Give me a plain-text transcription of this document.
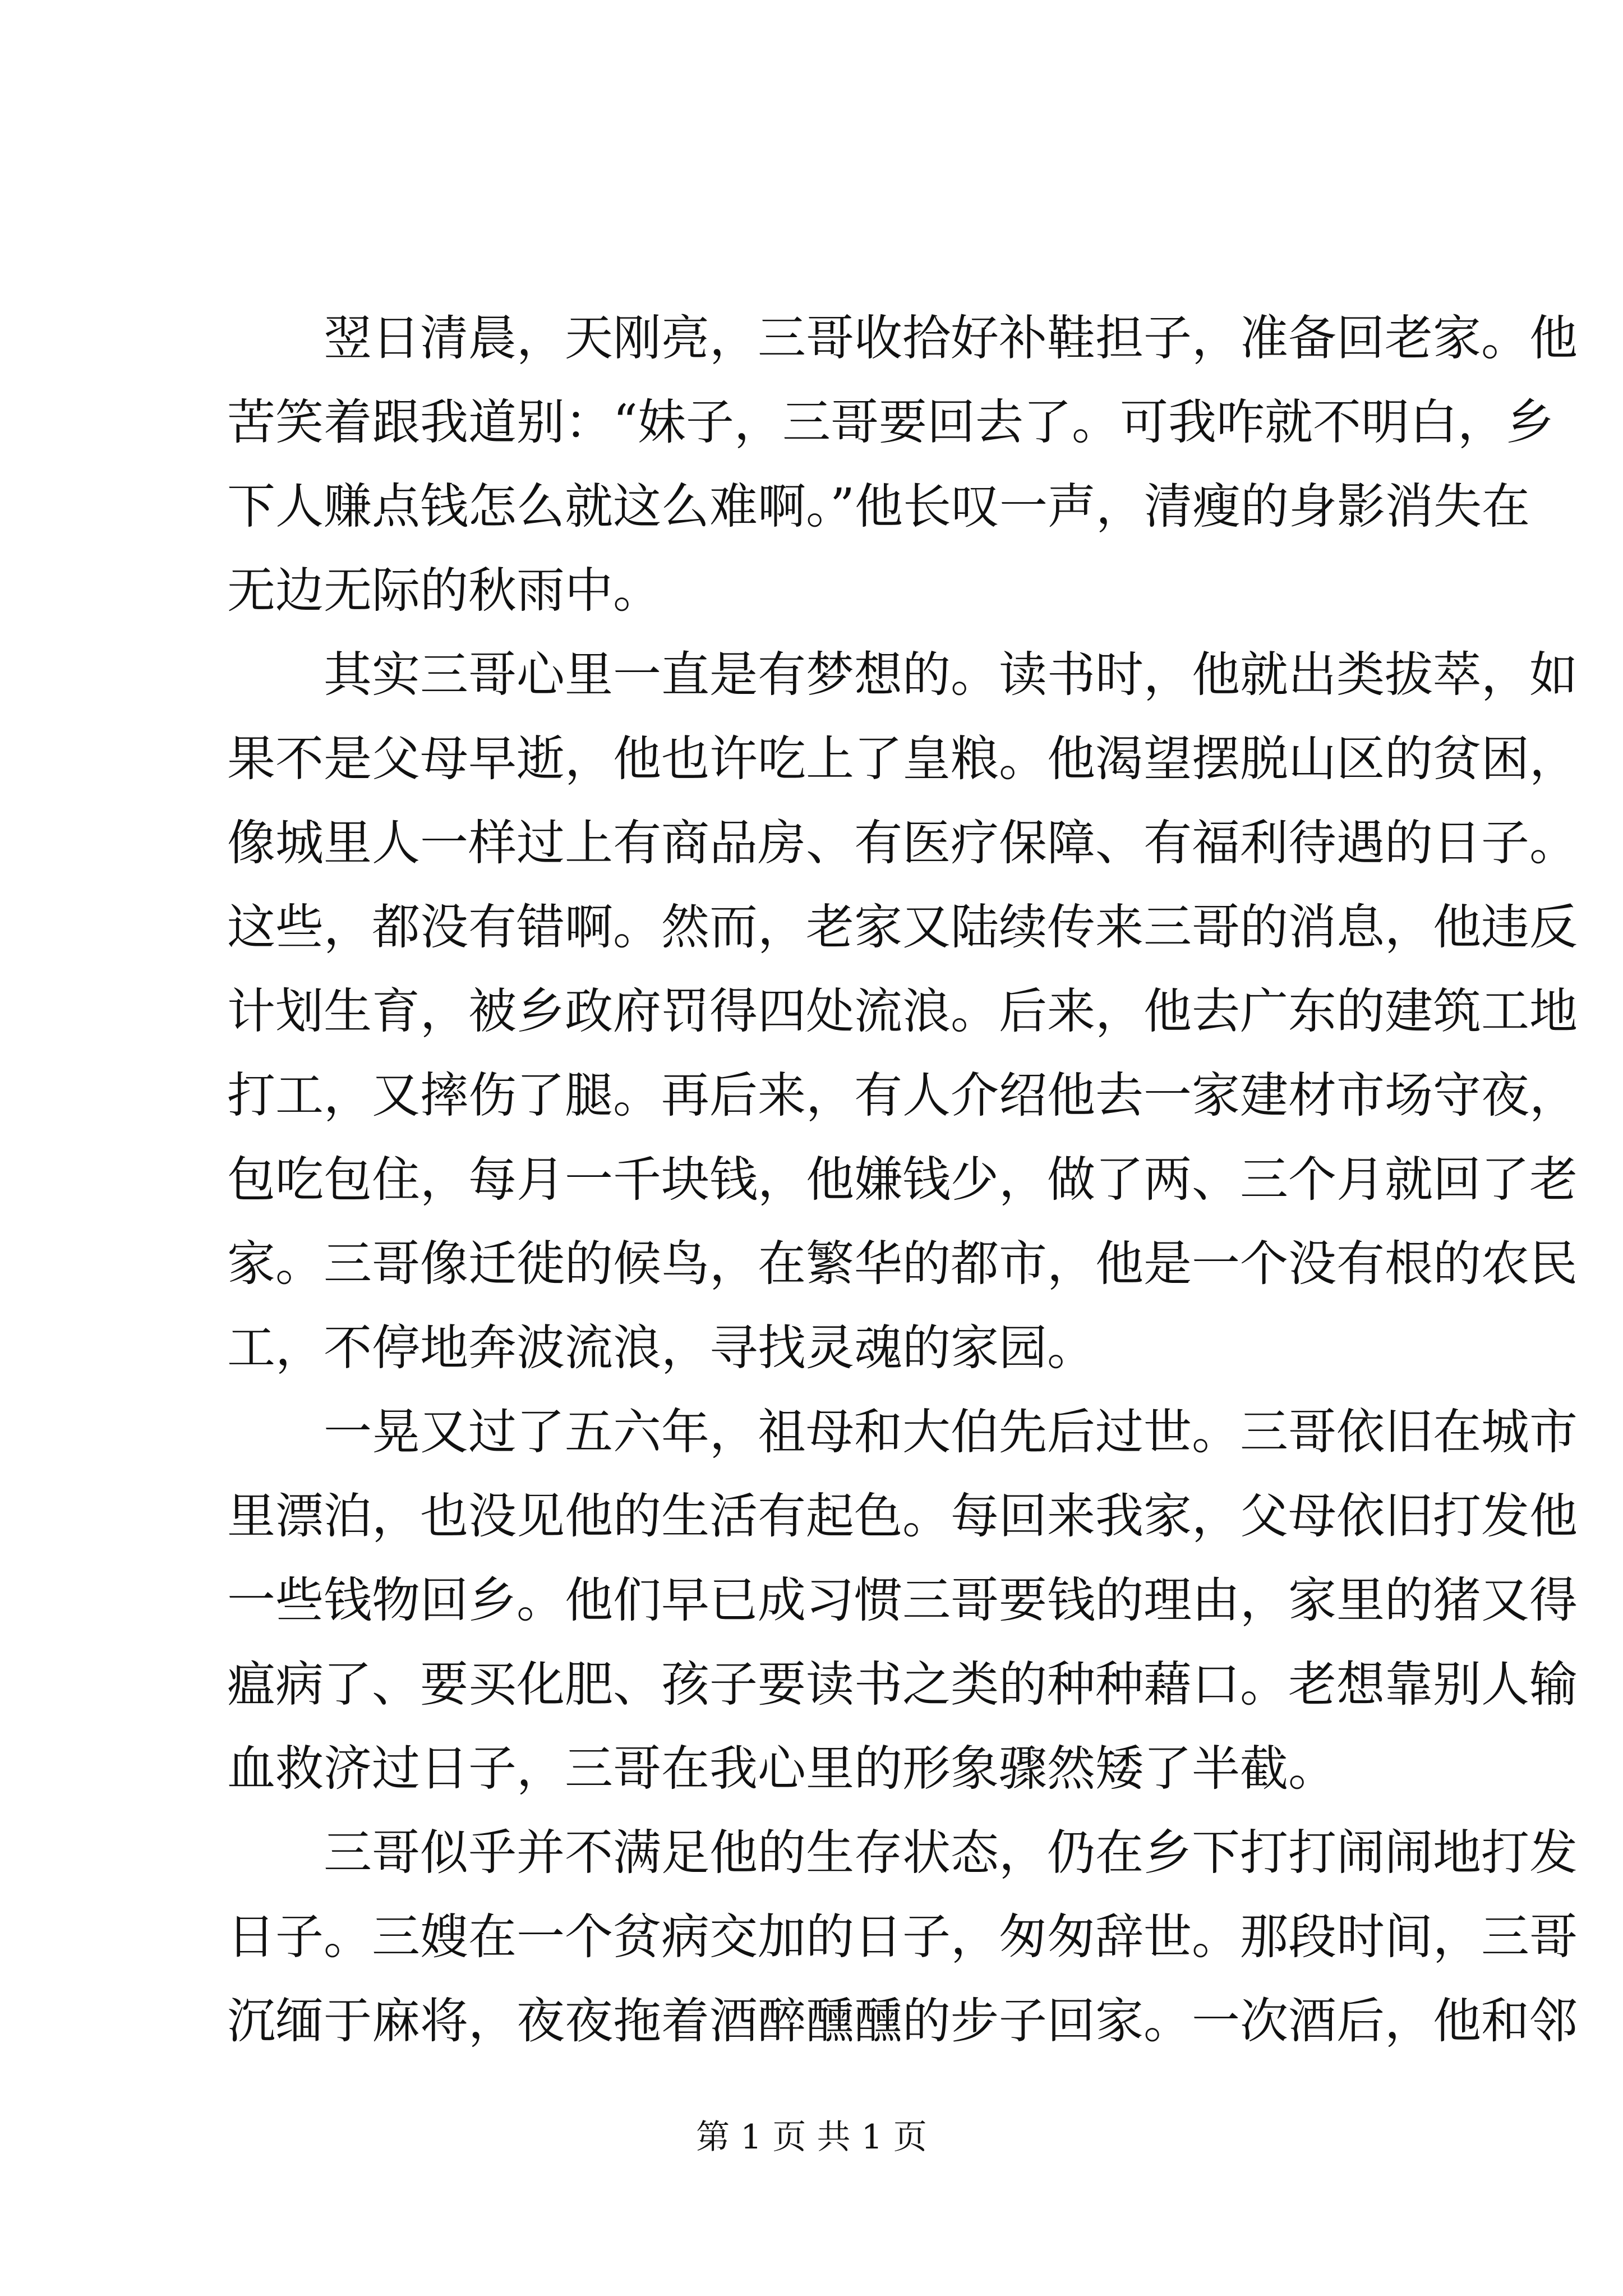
翌日清晨，天刚亮，三哥收拾好补鞋担子，准备回老家。他
苦笑着跟我道别：“妹子，三哥要回去了。可我咋就不明白，乡
下人赚点钱怎么就这么难啊。”他长叹一声，清瘦的身影消失在
无边无际的秋雨中。
其实三哥心里一直是有梦想的。读书时，他就出类拔萃，如
果不是父母早逝，他也许吃上了皇粮。他渴望摆脱山区的贫困，
像城里人一样过上有商品房、有医疗保障、有福利待遇的日子。
这些，都没有错啊。然而，老家又陆续传来三哥的消息，他违反
计划生育，被乡政府罚得四处流浪。后来，他去广东的建筑工地
打工，又摔伤了腿。再后来，有人介绍他去一家建材市场守夜，
包吃包住，每月一千块钱，他嫌钱少，做了两、三个月就回了老
家。三哥像迁徙的候鸟，在繁华的都市，他是一个没有根的农民
工，不停地奔波流浪，寻找灵魂的家园。
一晃又过了五六年，祖母和大伯先后过世。三哥依旧在城市
里漂泊，也没见他的生活有起色。每回来我家，父母依旧打发他
一些钱物回乡。他们早已成习惯三哥要钱的理由，家里的猪又得
瘟病了、要买化肥、孩子要读书之类的种种藉口。老想靠别人输
血救济过日子，三哥在我心里的形象骤然矮了半截。
三哥似乎并不满足他的生存状态，仍在乡下打打闹闹地打发
日子。三嫂在一个贫病交加的日子，匆匆辞世。那段时间，三哥
沉缅于麻将，夜夜拖着酒醉醺醺的步子回家。一次酒后，他和邻
第 1 页 共 1 页
